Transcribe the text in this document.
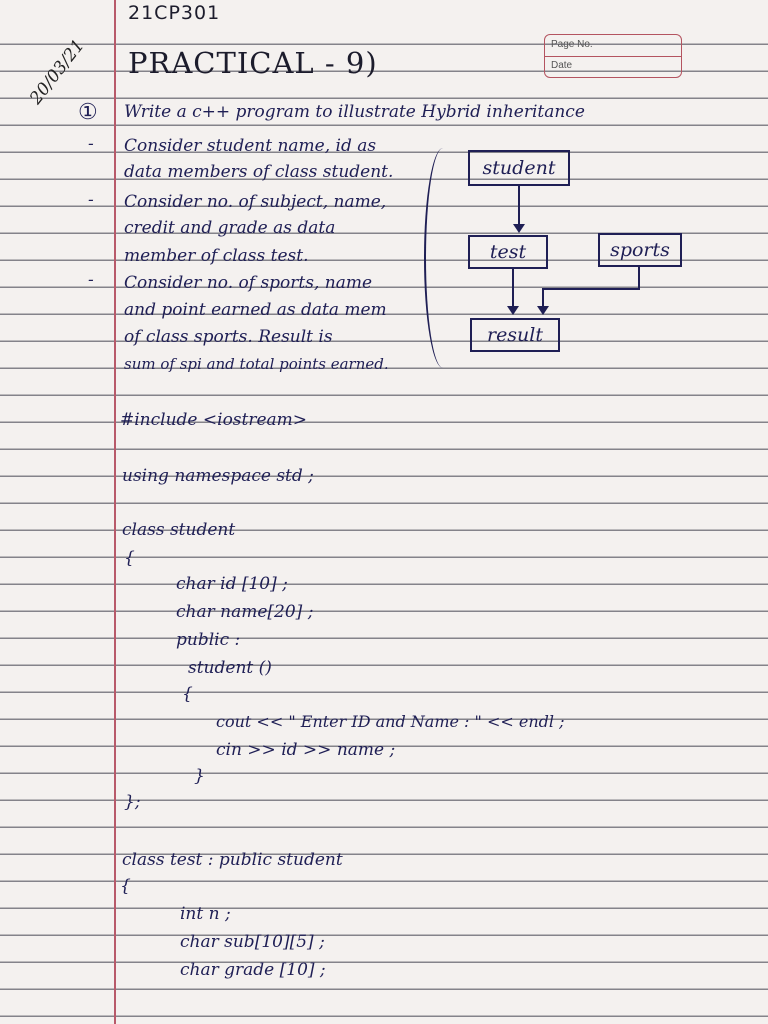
21CP301
20/03/21	Page No.
Date
PRACTICAL - 9)
① Write a c++ program to illustrate Hybrid inheritance
- Consider student name, id as
data members of class student.
- Consider no. of subject, name,
credit and grade as data
member of class test.
- Consider no. of sports, name
and point earned as data mem
of class sports. Result is
sum of spi and total points earned.
student
test	sports
result
#include <iostream>
using namespace std ;
class student
{
char id [10] ;
char name[20] ;
public :
student ()
{
cout << " Enter ID and Name : " << endl ;
cin >> id >> name ;
}
};
class test : public student
{
int n ;
char sub[10][5] ;
char grade [10] ;
